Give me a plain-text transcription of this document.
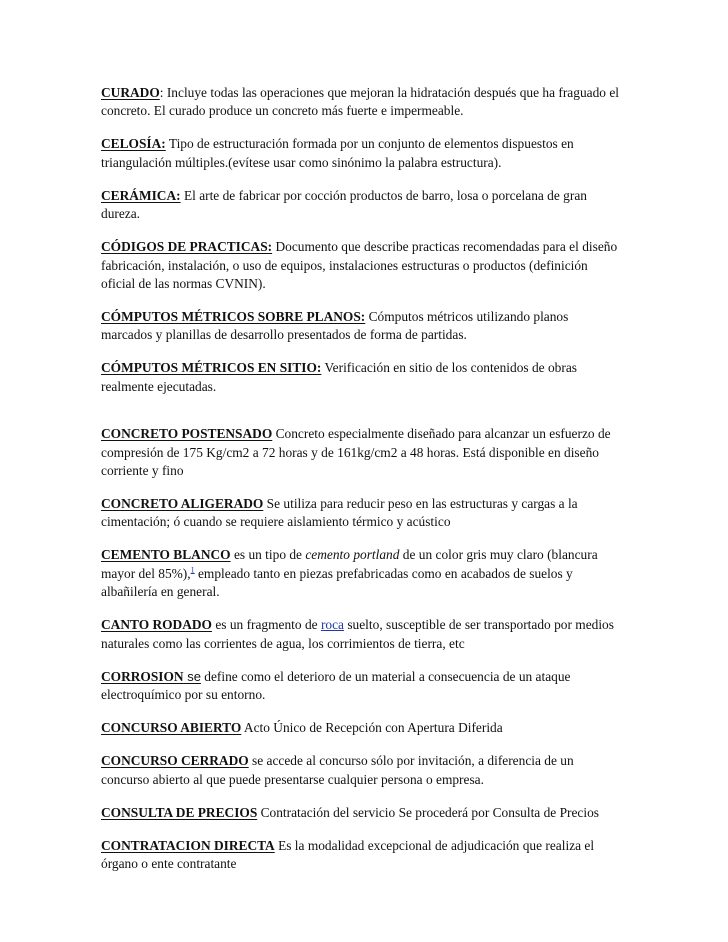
CURADO: Incluye todas las operaciones que mejoran la hidratación después que ha fraguado el concreto. El curado produce un concreto más fuerte e impermeable.

CELOSÍA: Tipo de estructuración formada por un conjunto de elementos dispuestos en triangulación múltiples.(evítese usar como sinónimo la palabra estructura).

CERÁMICA: El arte de fabricar por cocción productos de barro, losa o porcelana de gran dureza.

CÓDIGOS DE PRACTICAS: Documento que describe practicas recomendadas para el diseño fabricación, instalación, o uso de equipos, instalaciones estructuras o productos (definición oficial de las normas CVNIN).

CÓMPUTOS MÉTRICOS SOBRE PLANOS: Cómputos métricos utilizando planos marcados y planillas de desarrollo presentados de forma de partidas.

CÓMPUTOS MÉTRICOS EN SITIO: Verificación en sitio de los contenidos de obras realmente ejecutadas.

CONCRETO POSTENSADO Concreto especialmente diseñado para alcanzar un esfuerzo de compresión de 175 Kg/cm2 a 72 horas y de 161kg/cm2 a 48 horas. Está disponible en diseño corriente y fino

CONCRETO ALIGERADO Se utiliza para reducir peso en las estructuras y cargas a la cimentación; ó cuando se requiere aislamiento térmico y acústico

CEMENTO BLANCO es un tipo de cemento portland de un color gris muy claro (blancura mayor del 85%),$^1$ empleado tanto en piezas prefabricadas como en acabados de suelos y albañilería en general.

CANTO RODADO es un fragmento de roca suelto, susceptible de ser transportado por medios naturales como las corrientes de agua, los corrimientos de tierra, etc

CORROSION se define como el deterioro de un material a consecuencia de un ataque electroquímico por su entorno.

CONCURSO ABIERTO Acto Único de Recepción con Apertura Diferida

CONCURSO CERRADO se accede al concurso sólo por invitación, a diferencia de un concurso abierto al que puede presentarse cualquier persona o empresa.

CONSULTA DE PRECIOS Contratación del servicio Se procederá por Consulta de Precios

CONTRATACION DIRECTA Es la modalidad excepcional de adjudicación que realiza el órgano o ente contratante
